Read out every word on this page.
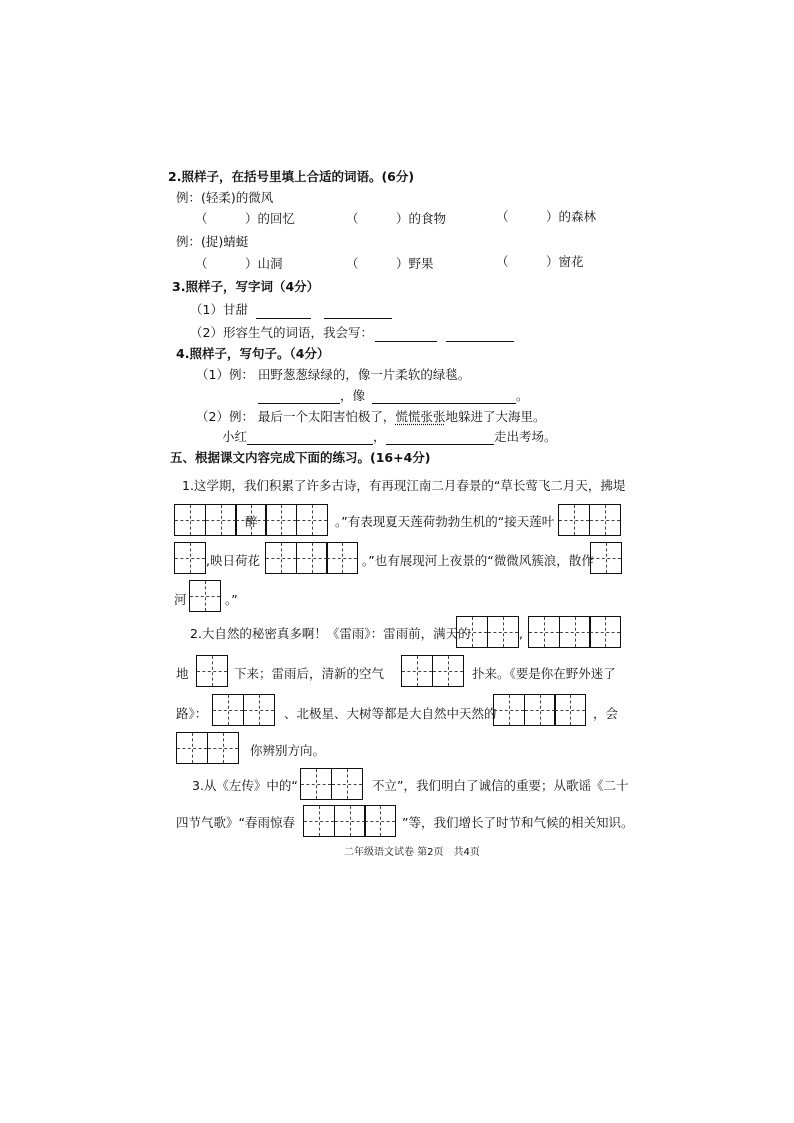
2.照样子，在括号里填上合适的词语。(6分)
例：(轻柔)的微风
（　　　）的回忆	（　　　）的食物	（　　　）的森林
例：(捉)蜻蜓
（　　　）山洞	（　　　）野果	（　　　）窗花
3.照样子，写字词（4分）
（1）甘甜
（2）形容生气的词语，我会写：
4.照样子，写句子。（4分）
（1）例： 田野葱葱绿绿的，像一片柔软的绿毯。
，像	。
（2）例： 最后一个太阳害怕极了，慌慌张张地躲进了大海里。
小红	，	走出考场。
五、根据课文内容完成下面的练习。(16+4分)
1.这学期，我们积累了许多古诗，有再现江南二月春景的“草长莺飞二月天，拂堤
醉	。”有表现夏天莲荷勃勃生机的“接天莲叶
,映日荷花	。”也有展现河上夜景的“微微风簇浪，散作
河	。”
2.大自然的秘密真多啊！《雷雨》：雷雨前，满天的	,
地	下来；雷雨后，清新的空气	扑来。《要是你在野外迷了
路》：	、北极星、大树等都是大自然中天然的	，会
你辨别方向。
3.从《左传》中的“	不立”，我们明白了诚信的重要；从歌谣《二十
四节气歌》“春雨惊春	”等，我们增长了时节和气候的相关知识。
二年级语文试卷 第2页　共4页
